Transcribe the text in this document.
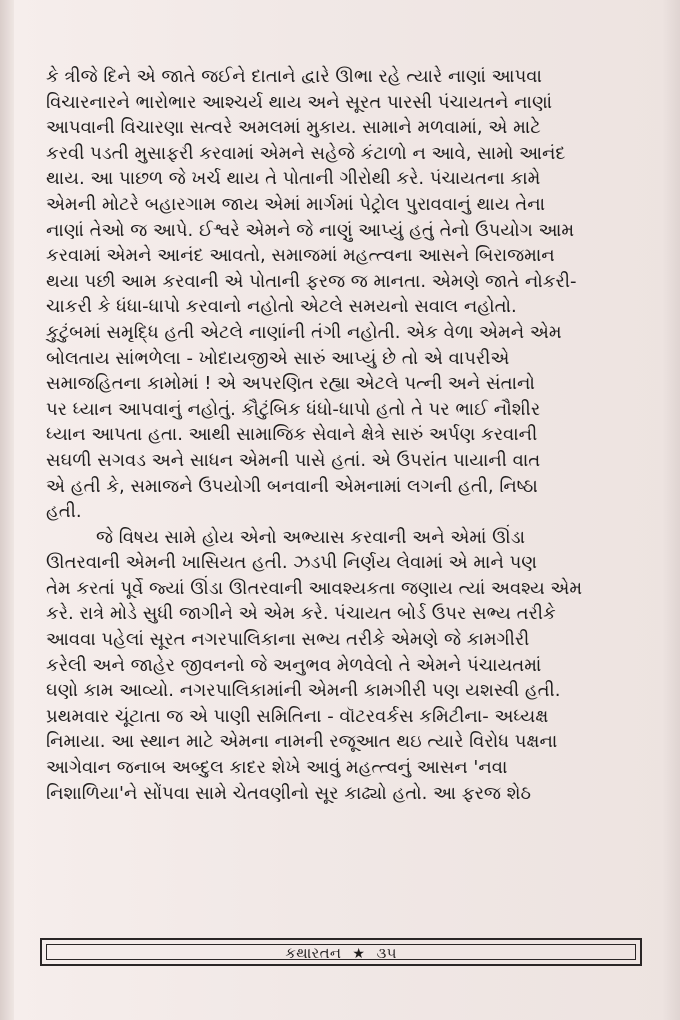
કે ત્રીજે દિને એ જાતે જઈને દાતાને દ્વારે ઊભા રહે ત્યારે નાણાં આપવા
વિચારનારને ભારોભાર આશ્ચર્ય થાય અને સૂરત પારસી પંચાયતને નાણાં
આપવાની વિચારણા સત્વરે અમલમાં મુકાય. સામાને મળવામાં, એ માટે
કરવી પડતી મુસાફરી કરવામાં એમને સહેજે કંટાળો ન આવે, સામો આનંદ
થાય. આ પાછળ જે ખર્ચ થાય તે પોતાની ગીરોથી કરે. પંચાયતના કામે
એમની મોટરે બહારગામ જાય એમાં માર્ગમાં પેટ્રોલ પુરાવવાનું થાય તેના
નાણાં તેઓ જ આપે. ઈશ્વરે એમને જે નાણું આપ્યું હતું તેનો ઉપયોગ આમ
કરવામાં એમને આનંદ આવતો, સમાજમાં મહત્ત્વના આસને બિરાજમાન
થયા પછી આમ કરવાની એ પોતાની ફરજ જ માનતા. એમણે જાતે નોકરી-
ચાકરી કે ધંધા-ધાપો કરવાનો નહોતો એટલે સમયનો સવાલ નહોતો.
કુટુંબમાં સમૃદ્ધિ હતી એટલે નાણાંની તંગી નહોતી. એક વેળા એમને એમ
બોલતાય સાંભળેલા - ખોદાયજીએ સારું આપ્યું છે તો એ વાપરીએ
સમાજહિતના કામોમાં ! એ અપરણિત રહ્યા એટલે પત્ની અને સંતાનો
પર ધ્યાન આપવાનું નહોતું. કૌટુંબિક ધંધો-ધાપો હતો તે પર ભાઈ નૌશીર
ધ્યાન આપતા હતા. આથી સામાજિક સેવાને ક્ષેત્રે સારું અર્પણ કરવાની
સઘળી સગવડ અને સાધન એમની પાસે હતાં. એ ઉપરાંત પાયાની વાત
એ હતી કે, સમાજને ઉપયોગી બનવાની એમનામાં લગની હતી, નિષ્ઠા
હતી.

જે વિષય સામે હોય એનો અભ્યાસ કરવાની અને એમાં ઊંડા
ઊતરવાની એમની ખાસિયત હતી. ઝડપી નિર્ણય લેવામાં એ માને પણ
તેમ કરતાં પૂર્વે જ્યાં ઊંડા ઊતરવાની આવશ્યકતા જણાય ત્યાં અવશ્ય એમ
કરે. રાત્રે મોડે સુધી જાગીને એ એમ કરે. પંચાયત બોર્ડ ઉપર સભ્ય તરીકે
આવવા પહેલાં સૂરત નગરપાલિકાના સભ્ય તરીકે એમણે જે કામગીરી
કરેલી અને જાહેર જીવનનો જે અનુભવ મેળવેલો તે એમને પંચાયતમાં
ઘણો કામ આવ્યો. નગરપાલિકામાંની એમની કામગીરી પણ યશસ્વી હતી.
પ્રથમવાર ચૂંટાતા જ એ પાણી સમિતિના - વૉટરવર્કસ કમિટીના- અધ્યક્ષ
નિમાયા. આ સ્થાન માટે એમના નામની રજૂઆત થઇ ત્યારે વિરોધ પક્ષના
આગેવાન જનાબ અબ્દુલ કાદર શેખે આવું મહત્ત્વનું આસન 'નવા
નિશાળિયા'ને સોંપવા સામે ચેતવણીનો સૂર કાઢ્યો હતો. આ ફરજ શેઠ

કથારતન ★ ૩૫
